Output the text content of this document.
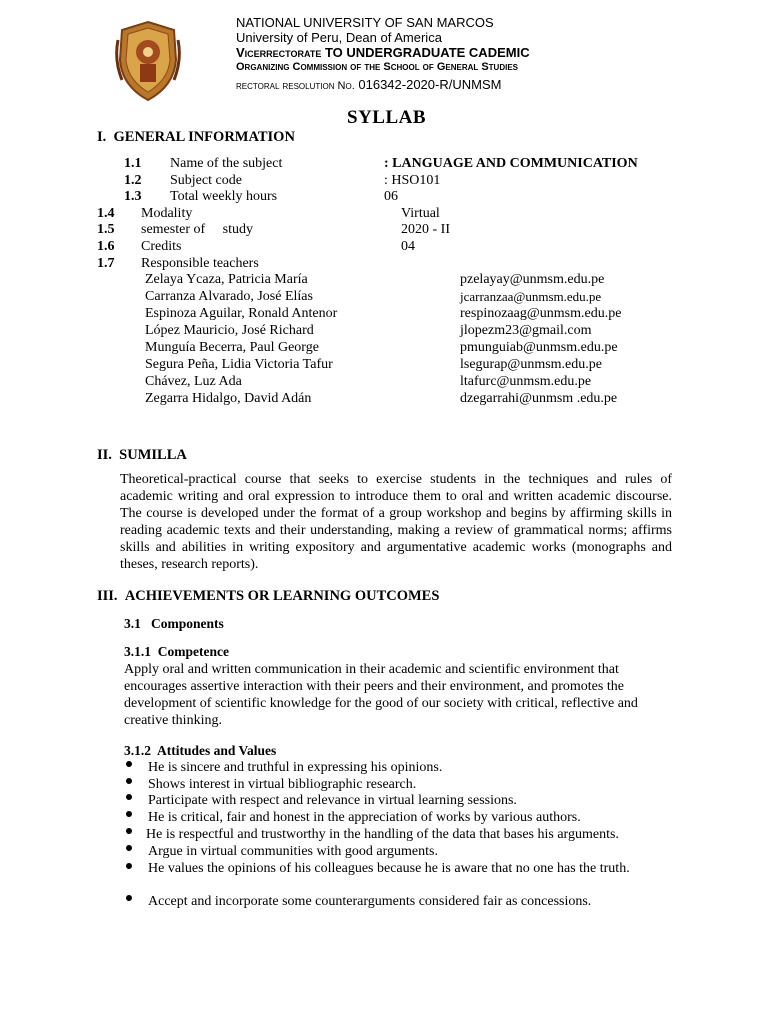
NATIONAL UNIVERSITY OF SAN MARCOS
University of Peru, Dean of America
Vicerrectorate TO UNDERGRADUATE CADEMIC
Organizing Commission of the School of General Studies
rectoral resolution No. 016342-2020-R/UNMSM
SYLLAB
I. GENERAL INFORMATION
1.1 Name of the subject	: LANGUAGE AND COMMUNICATION
1.2 Subject code	: HSO101
1.3 Total weekly hours	06
1.4 Modality	Virtual
1.5 semester of     study	2020 - II
1.6 Credits	04
1.7 Responsible teachers
Zelaya Ycaza, Patricia María	pzelayay@unmsm.edu.pe
Carranza Alvarado, José Elías	jcarranzaa@unmsm.edu.pe
Espinoza Aguilar, Ronald Antenor	respinozaag@unmsm.edu.pe
López Mauricio, José Richard	jlopezm23@gmail.com
Munguía Becerra, Paul George	pmunguiab@unmsm.edu.pe
Segura Peña, Lidia Victoria Tafur	lsegurap@unmsm.edu.pe
Chávez, Luz Ada	ltafurc@unmsm.edu.pe
Zegarra Hidalgo, David Adán	dzegarrahi@unmsm .edu.pe
II. SUMILLA
Theoretical-practical course that seeks to exercise students in the techniques and rules of academic writing and oral expression to introduce them to oral and written academic discourse. The course is developed under the format of a group workshop and begins by affirming skills in reading academic texts and their understanding, making a review of grammatical norms; affirms skills and abilities in writing expository and argumentative academic works (monographs and theses, research reports).
III. ACHIEVEMENTS OR LEARNING OUTCOMES
3.1   Components
3.1.1  Competence
Apply oral and written communication in their academic and scientific environment that encourages assertive interaction with their peers and their environment, and promotes the development of scientific knowledge for the good of our society with critical, reflective and creative thinking.
3.1.2  Attitudes and Values
He is sincere and truthful in expressing his opinions.
Shows interest in virtual bibliographic research.
Participate with respect and relevance in virtual learning sessions.
He is critical, fair and honest in the appreciation of works by various authors.
He is respectful and trustworthy in the handling of the data that bases his arguments.
Argue in virtual communities with good arguments.
He values the opinions of his colleagues because he is aware that no one has the truth.
Accept and incorporate some counterarguments considered fair as concessions.
